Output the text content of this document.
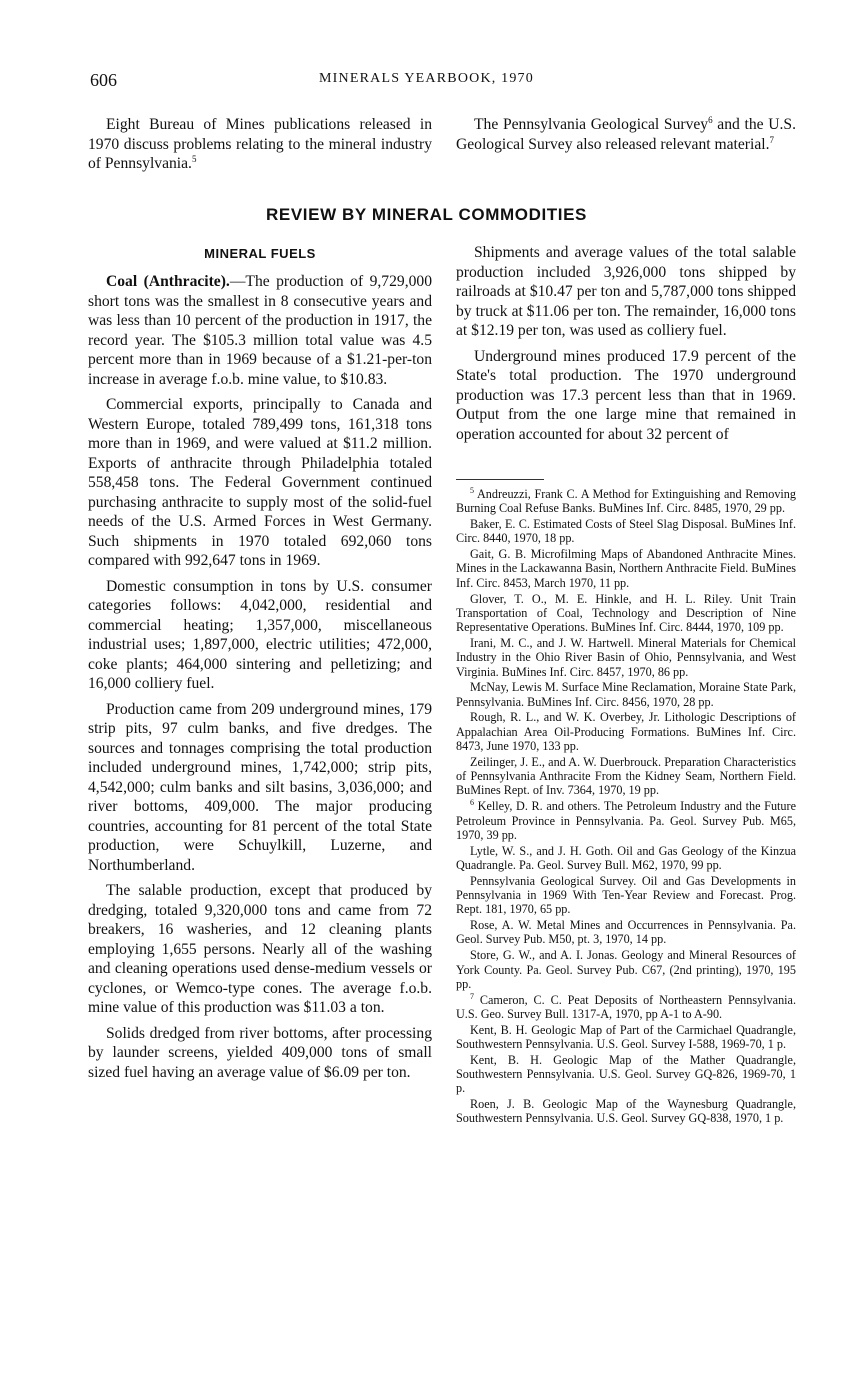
606	MINERALS YEARBOOK, 1970

Eight Bureau of Mines publications released in 1970 discuss problems relating to the mineral industry of Pennsylvania.$^5$

The Pennsylvania Geological Survey$^6$ and the U.S. Geological Survey also released relevant material.$^7$

REVIEW BY MINERAL COMMODITIES
MINERAL FUELS

Coal (Anthracite).—The production of 9,729,000 short tons was the smallest in 8 consecutive years and was less than 10 percent of the production in 1917, the record year. The $105.3 million total value was 4.5 percent more than in 1969 because of a $1.21-per-ton increase in average f.o.b. mine value, to $10.83.

Commercial exports, principally to Canada and Western Europe, totaled 789,499 tons, 161,318 tons more than in 1969, and were valued at $11.2 million. Exports of anthracite through Philadelphia totaled 558,458 tons. The Federal Government continued purchasing anthracite to supply most of the solid-fuel needs of the U.S. Armed Forces in West Germany. Such shipments in 1970 totaled 692,060 tons compared with 992,647 tons in 1969.

Domestic consumption in tons by U.S. consumer categories follows: 4,042,000, residential and commercial heating; 1,357,000, miscellaneous industrial uses; 1,897,000, electric utilities; 472,000, coke plants; 464,000 sintering and pelletizing; and 16,000 colliery fuel.

Production came from 209 underground mines, 179 strip pits, 97 culm banks, and five dredges. The sources and tonnages comprising the total production included underground mines, 1,742,000; strip pits, 4,542,000; culm banks and silt basins, 3,036,000; and river bottoms, 409,000. The major producing countries, accounting for 81 percent of the total State production, were Schuylkill, Luzerne, and Northumberland.

The salable production, except that produced by dredging, totaled 9,320,000 tons and came from 72 breakers, 16 washeries, and 12 cleaning plants employing 1,655 persons. Nearly all of the washing and cleaning operations used dense-medium vessels or cyclones, or Wemco-type cones. The average f.o.b. mine value of this production was $11.03 a ton.

Solids dredged from river bottoms, after processing by launder screens, yielded 409,000 tons of small sized fuel having an average value of $6.09 per ton.

Shipments and average values of the total salable production included 3,926,000 tons shipped by railroads at $10.47 per ton and 5,787,000 tons shipped by truck at $11.06 per ton. The remainder, 16,000 tons at $12.19 per ton, was used as colliery fuel.

Underground mines produced 17.9 percent of the State's total production. The 1970 underground production was 17.3 percent less than that in 1969. Output from the one large mine that remained in operation accounted for about 32 percent of

$^5$ Andreuzzi, Frank C. A Method for Extinguishing and Removing Burning Coal Refuse Banks. BuMines Inf. Circ. 8485, 1970, 29 pp.

Baker, E. C. Estimated Costs of Steel Slag Disposal. BuMines Inf. Circ. 8440, 1970, 18 pp.

Gait, G. B. Microfilming Maps of Abandoned Anthracite Mines. Mines in the Lackawanna Basin, Northern Anthracite Field. BuMines Inf. Circ. 8453, March 1970, 11 pp.

Glover, T. O., M. E. Hinkle, and H. L. Riley. Unit Train Transportation of Coal, Technology and Description of Nine Representative Operations. BuMines Inf. Circ. 8444, 1970, 109 pp.

Irani, M. C., and J. W. Hartwell. Mineral Materials for Chemical Industry in the Ohio River Basin of Ohio, Pennsylvania, and West Virginia. BuMines Inf. Circ. 8457, 1970, 86 pp.

McNay, Lewis M. Surface Mine Reclamation, Moraine State Park, Pennsylvania. BuMines Inf. Circ. 8456, 1970, 28 pp.

Rough, R. L., and W. K. Overbey, Jr. Lithologic Descriptions of Appalachian Area Oil-Producing Formations. BuMines Inf. Circ. 8473, June 1970, 133 pp.

Zeilinger, J. E., and A. W. Duerbrouck. Preparation Characteristics of Pennsylvania Anthracite From the Kidney Seam, Northern Field. BuMines Rept. of Inv. 7364, 1970, 19 pp.

$^6$ Kelley, D. R. and others. The Petroleum Industry and the Future Petroleum Province in Pennsylvania. Pa. Geol. Survey Pub. M65, 1970, 39 pp.

Lytle, W. S., and J. H. Goth. Oil and Gas Geology of the Kinzua Quadrangle. Pa. Geol. Survey Bull. M62, 1970, 99 pp.

Pennsylvania Geological Survey. Oil and Gas Developments in Pennsylvania in 1969 With Ten-Year Review and Forecast. Prog. Rept. 181, 1970, 65 pp.

Rose, A. W. Metal Mines and Occurrences in Pennsylvania. Pa. Geol. Survey Pub. M50, pt. 3, 1970, 14 pp.

Store, G. W., and A. I. Jonas. Geology and Mineral Resources of York County. Pa. Geol. Survey Pub. C67, (2nd printing), 1970, 195 pp.

$^7$ Cameron, C. C. Peat Deposits of Northeastern Pennsylvania. U.S. Geo. Survey Bull. 1317-A, 1970, pp A-1 to A-90.

Kent, B. H. Geologic Map of Part of the Carmichael Quadrangle, Southwestern Pennsylvania. U.S. Geol. Survey I-588, 1969-70, 1 p.

Kent, B. H. Geologic Map of the Mather Quadrangle, Southwestern Pennsylvania. U.S. Geol. Survey GQ-826, 1969-70, 1 p.

Roen, J. B. Geologic Map of the Waynesburg Quadrangle, Southwestern Pennsylvania. U.S. Geol. Survey GQ-838, 1970, 1 p.
